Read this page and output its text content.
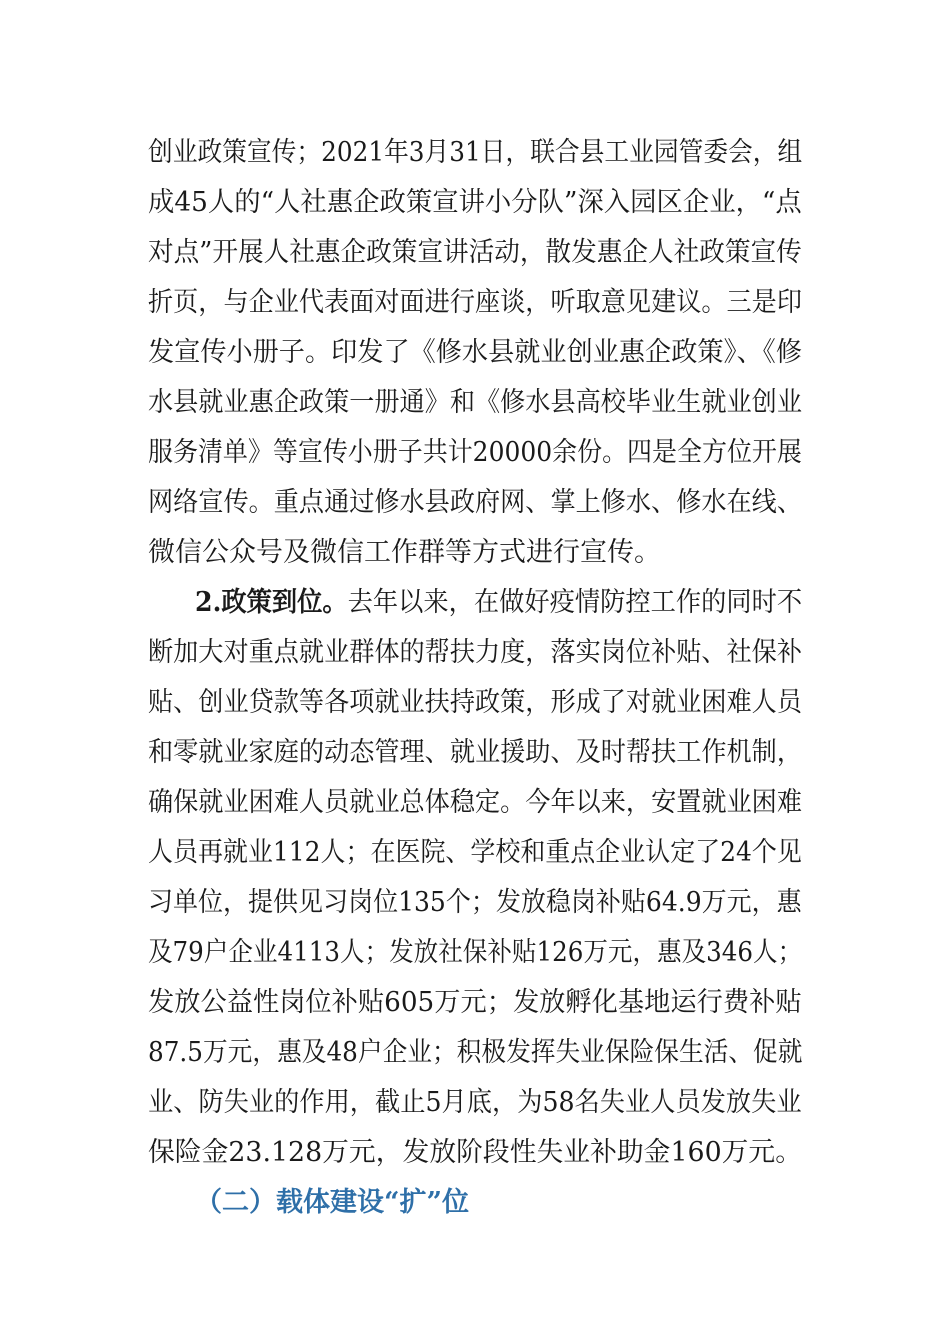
创业政策宣传；2021年3月31日，联合县工业园管委会，组
成45人的“人社惠企政策宣讲小分队”深入园区企业，“点
对点”开展人社惠企政策宣讲活动，散发惠企人社政策宣传
折页，与企业代表面对面进行座谈，听取意见建议。三是印
发宣传小册子。印发了《修水县就业创业惠企政策》、《修
水县就业惠企政策一册通》和《修水县高校毕业生就业创业
服务清单》等宣传小册子共计20000余份。四是全方位开展
网络宣传。重点通过修水县政府网、掌上修水、修水在线、
微信公众号及微信工作群等方式进行宣传。
2.政策到位。去年以来，在做好疫情防控工作的同时不
断加大对重点就业群体的帮扶力度，落实岗位补贴、社保补
贴、创业贷款等各项就业扶持政策，形成了对就业困难人员
和零就业家庭的动态管理、就业援助、及时帮扶工作机制，
确保就业困难人员就业总体稳定。今年以来，安置就业困难
人员再就业112人；在医院、学校和重点企业认定了24个见
习单位，提供见习岗位135个；发放稳岗补贴64.9万元，惠
及79户企业4113人；发放社保补贴126万元，惠及346人；
发放公益性岗位补贴605万元；发放孵化基地运行费补贴
87.5万元，惠及48户企业；积极发挥失业保险保生活、促就
业、防失业的作用，截止5月底，为58名失业人员发放失业
保险金23.128万元，发放阶段性失业补助金160万元。
（二）载体建设“扩”位
